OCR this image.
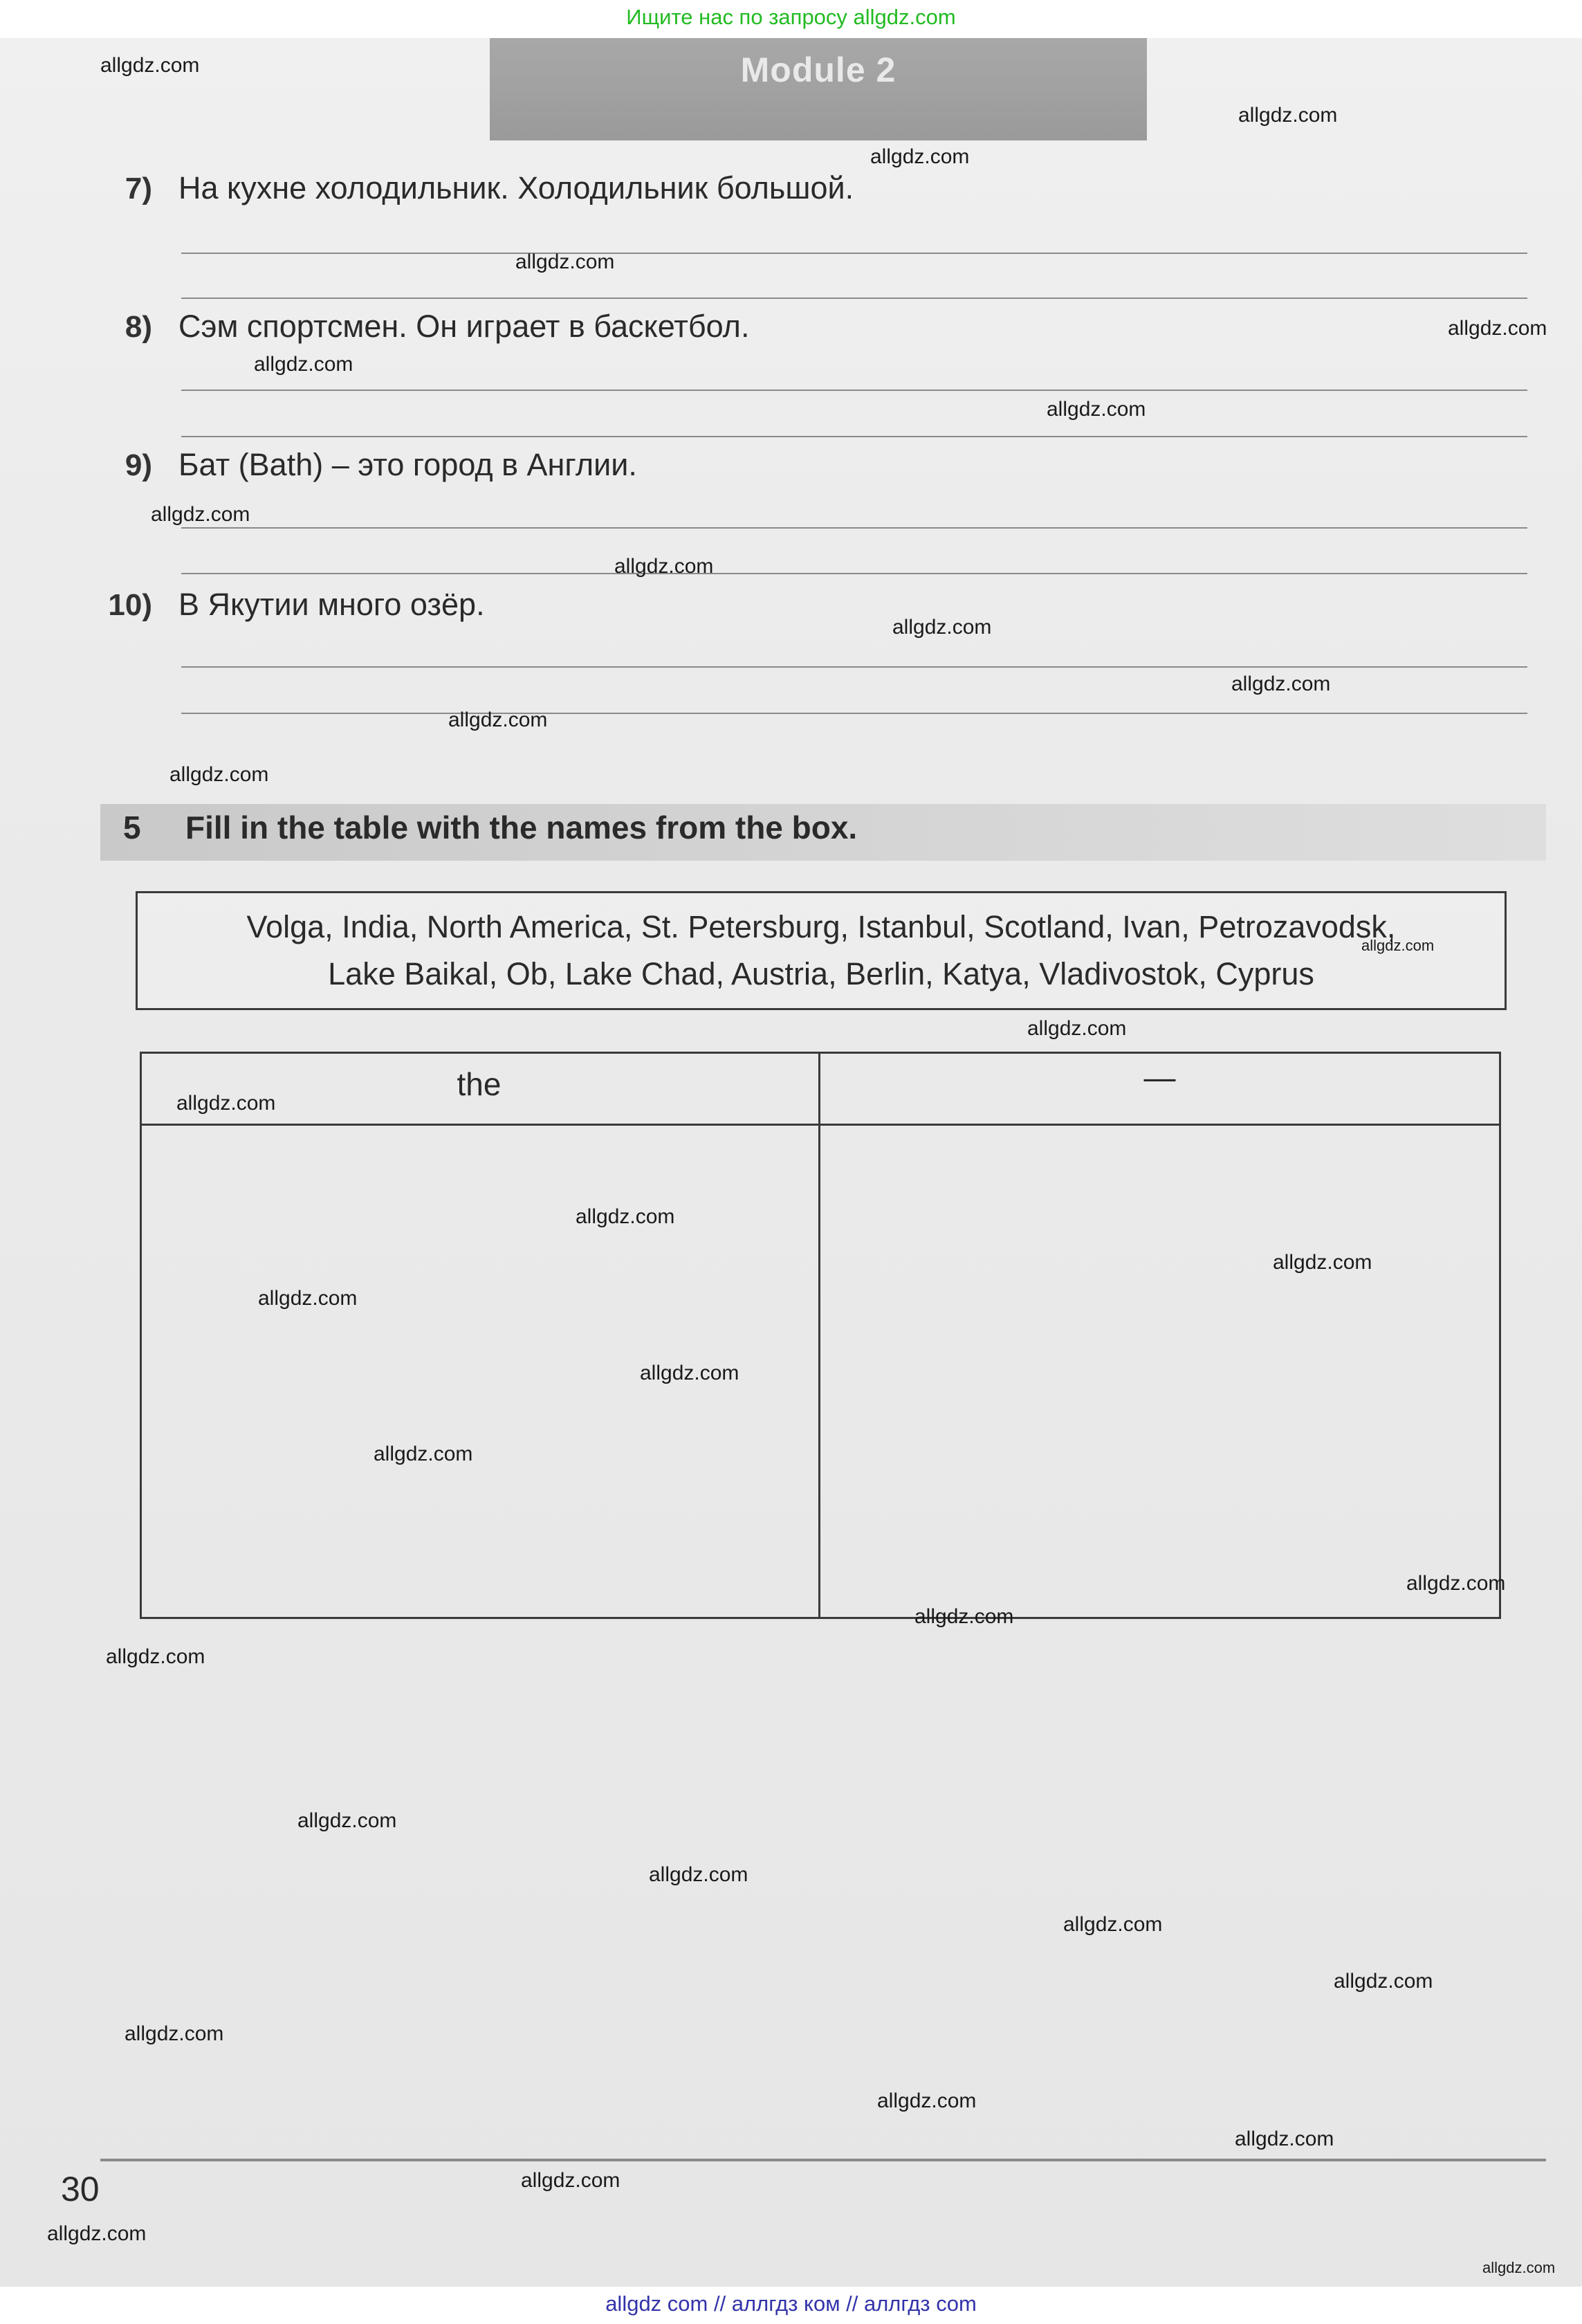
Ищите нас по запросу allgdz.com
Module 2
7) На кухне холодильник. Холодильник большой.
8) Сэм спортсмен. Он играет в баскетбол.
9) Бат (Bath) – это город в Англии.
10) В Якутии много озёр.
5 Fill in the table with the names from the box.
Volga, India, North America, St. Petersburg, Istanbul, Scotland, Ivan, Petrozavodsk,
Lake Baikal, Ob, Lake Chad, Austria, Berlin, Katya, Vladivostok, Cyprus
the	—
30
allgdz.com
allgdz.com
allgdz.com
allgdz.com
allgdz.com
allgdz.com
allgdz.com
allgdz.com
allgdz.com
allgdz.com
allgdz.com
allgdz.com
allgdz.com
allgdz.com
allgdz.com
allgdz.com
allgdz.com
allgdz.com
allgdz.com
allgdz.com
allgdz.com
allgdz.com
allgdz.com
allgdz.com
allgdz.com
allgdz.com
allgdz.com
allgdz.com
allgdz.com
allgdz.com
allgdz.com
allgdz.com
allgdz.com
allgdz.com
allgdz com // аллгдз ком // аллгдз com
